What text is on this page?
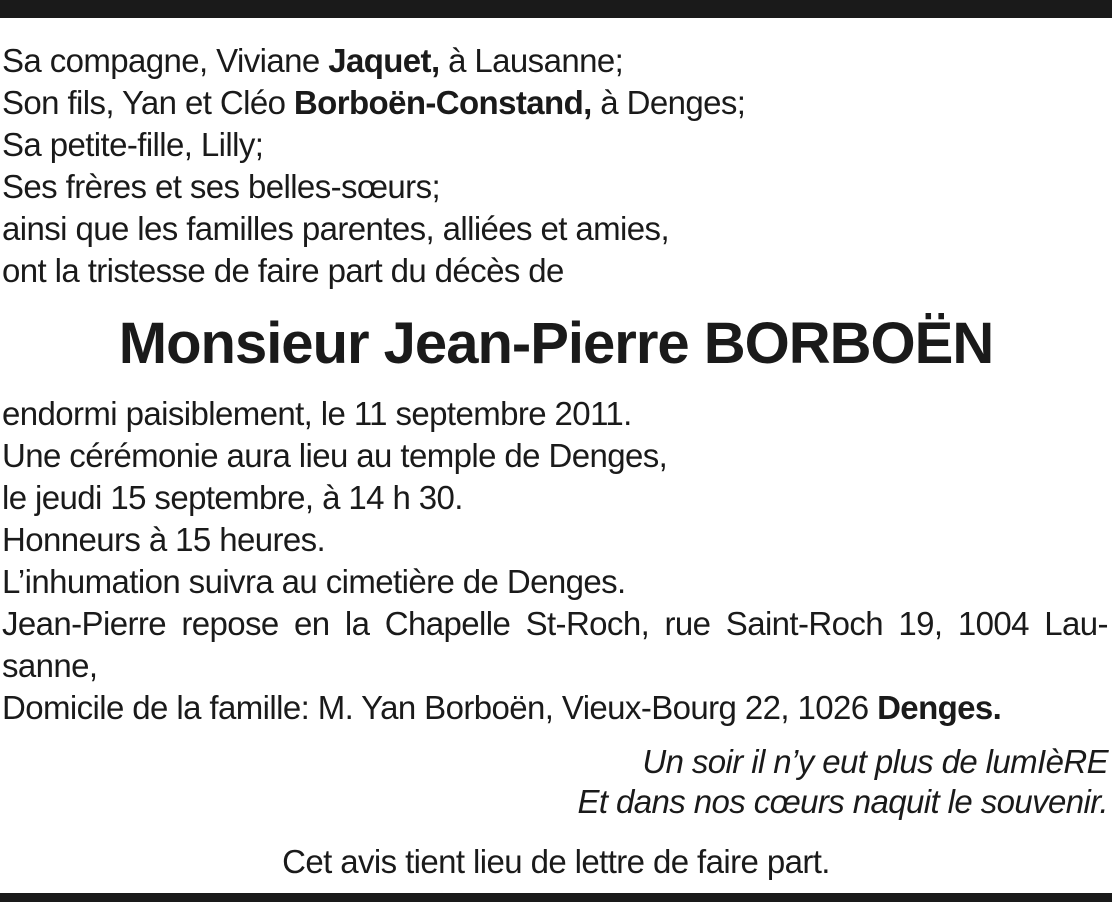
Sa compagne, Viviane Jaquet, à Lausanne;
Son fils, Yan et Cléo Borboën-Constand, à Denges;
Sa petite-fille, Lilly;
Ses frères et ses belles-sœurs;
ainsi que les familles parentes, alliées et amies,
ont la tristesse de faire part du décès de
Monsieur Jean-Pierre BORBOËN
endormi paisiblement, le 11 septembre 2011.
Une cérémonie aura lieu au temple de Denges,
le jeudi 15 septembre, à 14 h 30.
Honneurs à 15 heures.
L’inhumation suivra au cimetière de Denges.
Jean-Pierre repose en la Chapelle St-Roch, rue Saint-Roch 19, 1004 Lau-
sanne,
Domicile de la famille: M. Yan Borboën, Vieux-Bourg 22, 1026 Denges.
Un soir il n’y eut plus de lumIèRE
Et dans nos cœurs naquit le souvenir.
Cet avis tient lieu de lettre de faire part.
